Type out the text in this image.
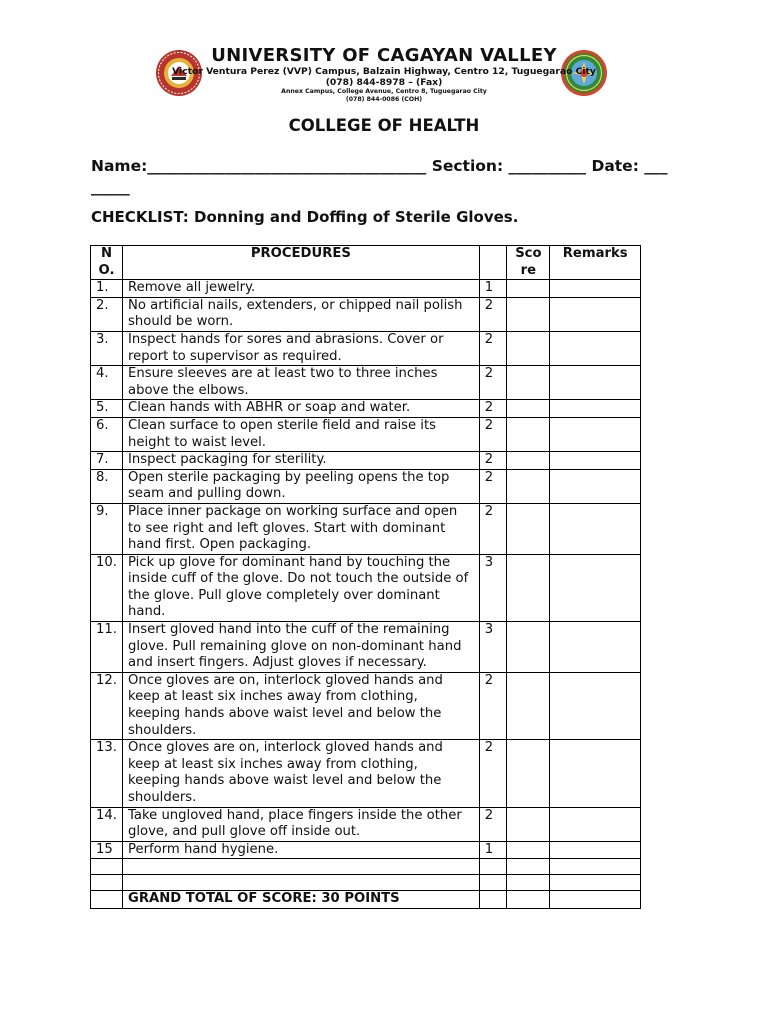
UNIVERSITY OF CAGAYAN VALLEY
Victor Ventura Perez (VVP) Campus, Balzain Highway, Centro 12, Tuguegarao City
(078) 844-8978 – (Fax)
Annex Campus, College Avenue, Centro 8, Tuguegarao City
(078) 844-0086 (COH)
COLLEGE OF HEALTH
Name:____________________________________ Section: __________ Date: ________
CHECKLIST: Donning and Doffing of Sterile Gloves.
NO.	PROCEDURES		Score	Remarks
1.	Remove all jewelry.	1		
2.	No artificial nails, extenders, or chipped nail polish should be worn.	2		
3.	Inspect hands for sores and abrasions. Cover or report to supervisor as required.	2		
4.	Ensure sleeves are at least two to three inches above the elbows.	2		
5.	Clean hands with ABHR or soap and water.	2		
6.	Clean surface to open sterile field and raise its height to waist level.	2		
7.	Inspect packaging for sterility.	2		
8.	Open sterile packaging by peeling opens the top seam and pulling down.	2		
9.	Place inner package on working surface and open to see right and left gloves. Start with dominant hand first. Open packaging.	2		
10.	Pick up glove for dominant hand by touching the inside cuff of the glove. Do not touch the outside of the glove. Pull glove completely over dominant hand.	3		
11.	Insert gloved hand into the cuff of the remaining glove. Pull remaining glove on non-dominant hand and insert fingers. Adjust gloves if necessary.	3		
12.	Once gloves are on, interlock gloved hands and keep at least six inches away from clothing, keeping hands above waist level and below the shoulders.	2		
13.	Once gloves are on, interlock gloved hands and keep at least six inches away from clothing, keeping hands above waist level and below the shoulders.	2		
14.	Take ungloved hand, place fingers inside the other glove, and pull glove off inside out.	2		
15	Perform hand hygiene.	1		

	GRAND TOTAL OF SCORE: 30 POINTS			
